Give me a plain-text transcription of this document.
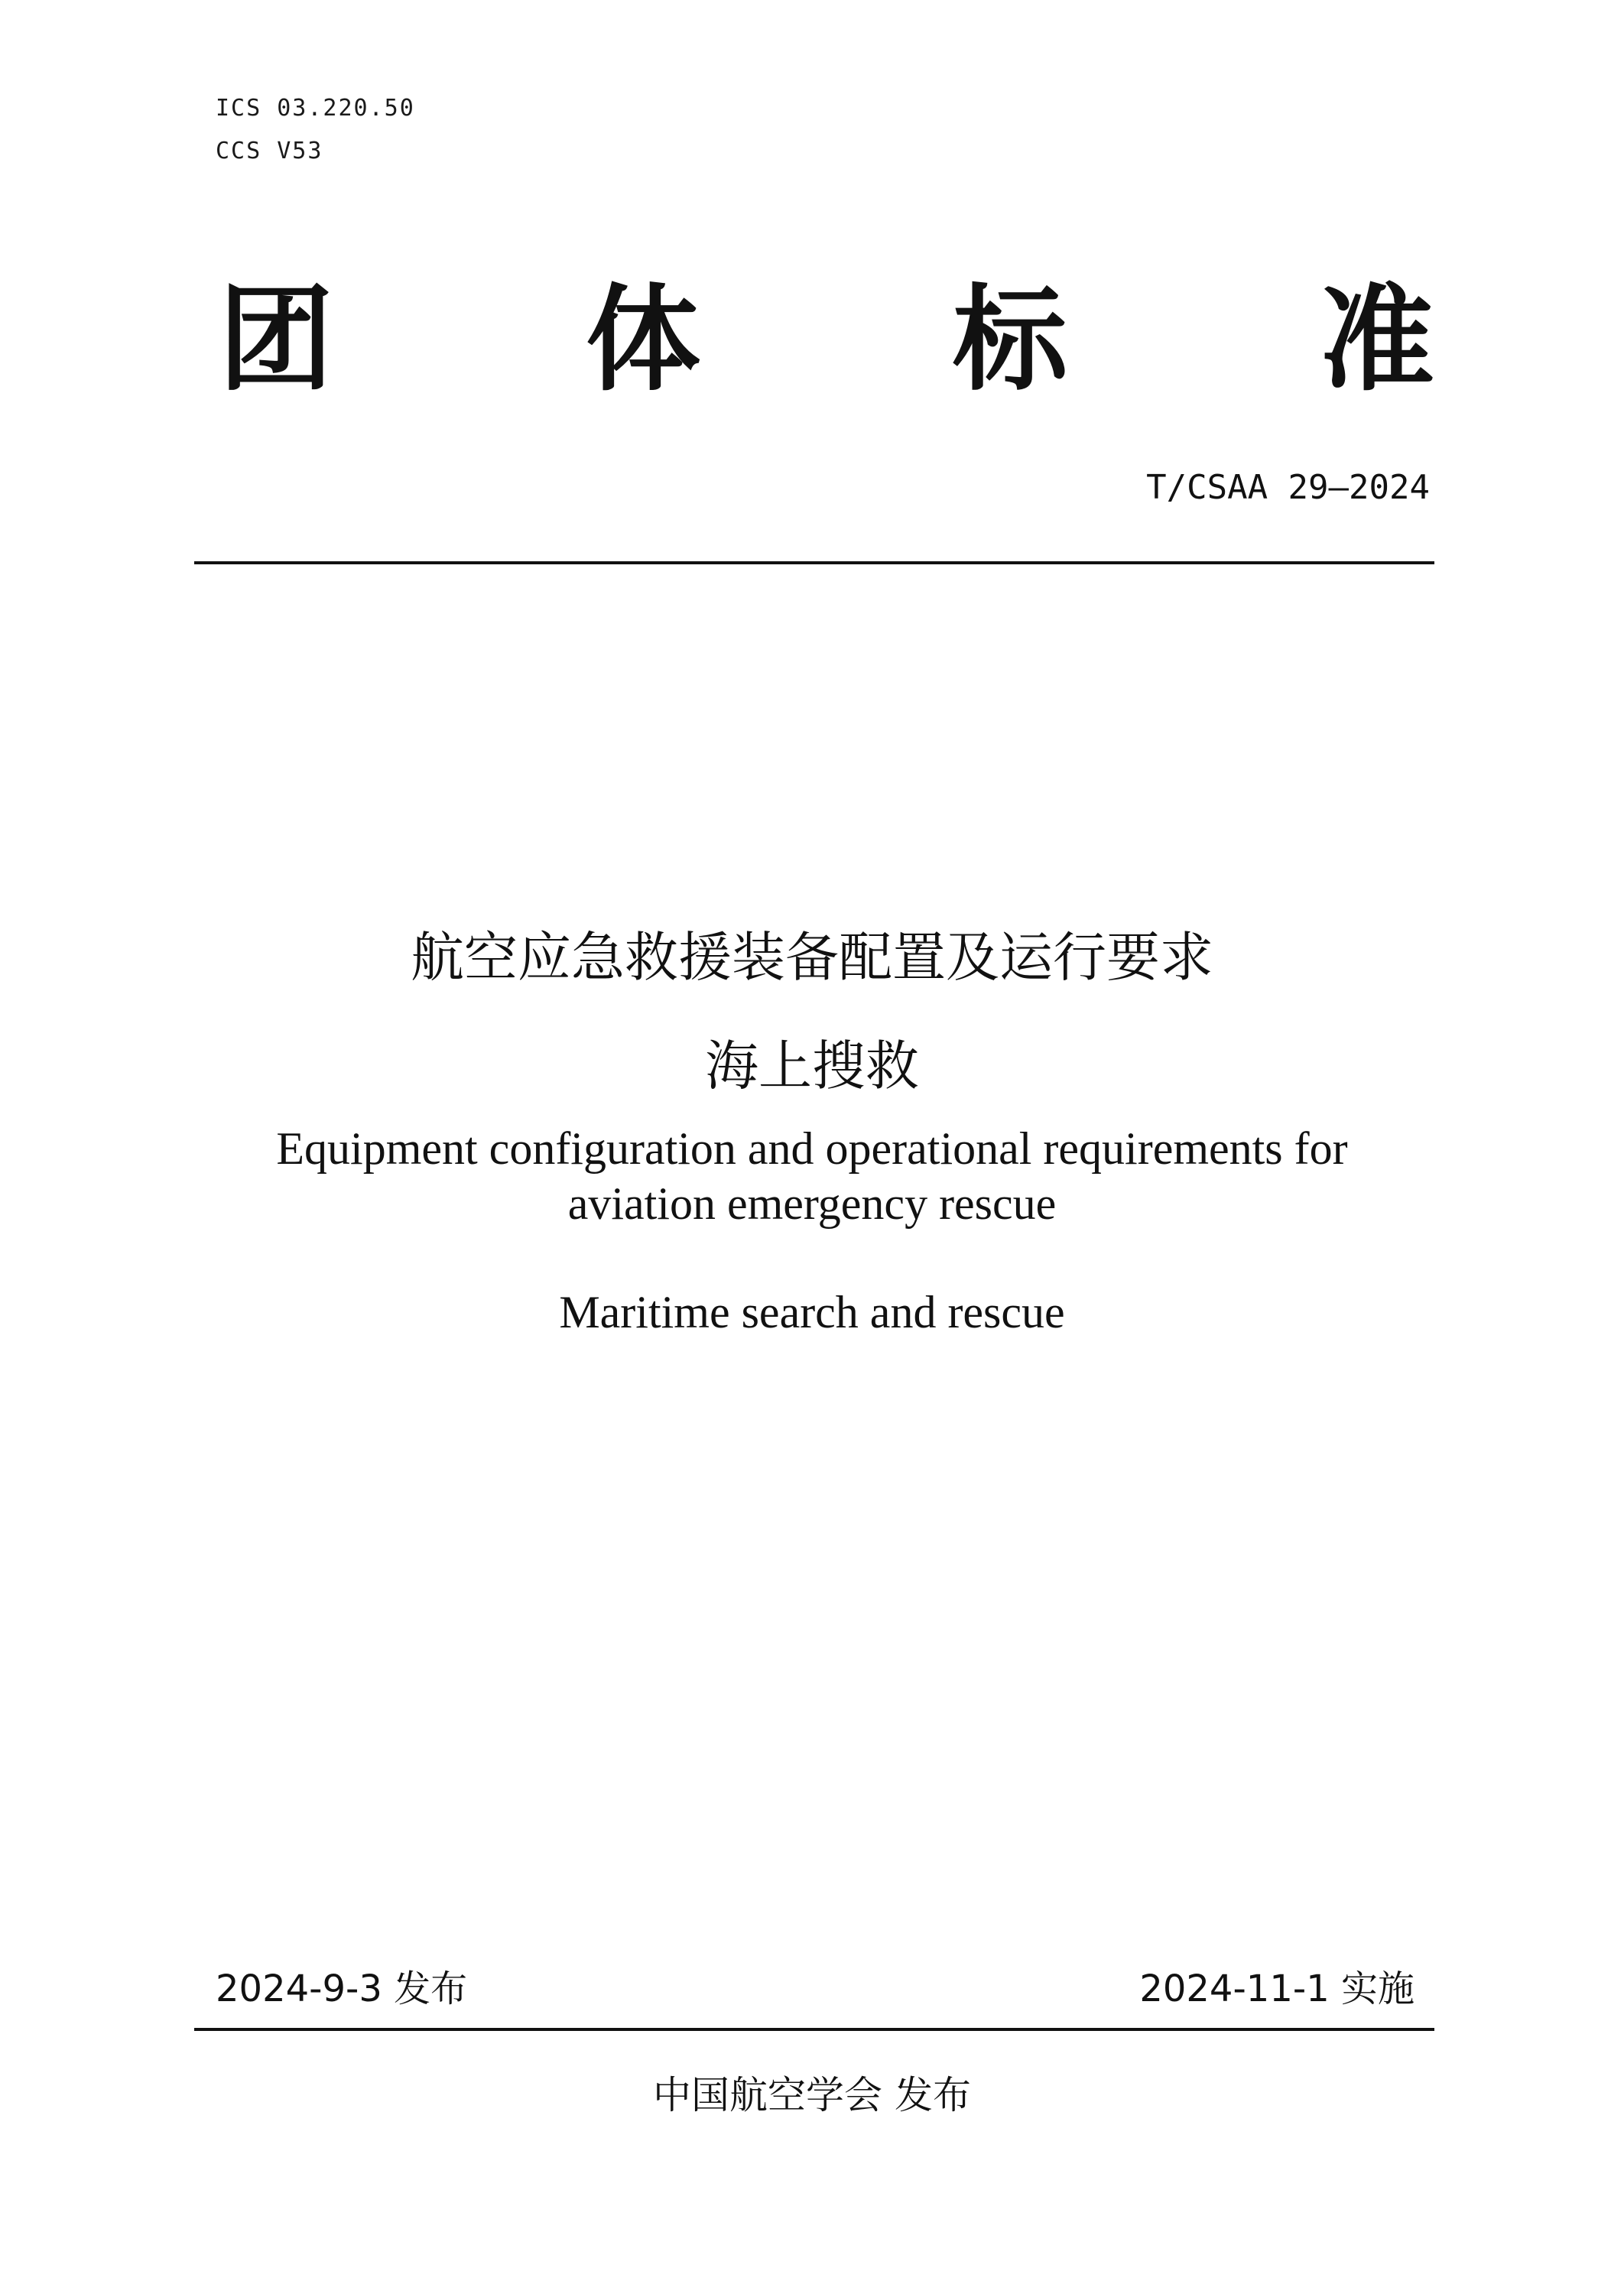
ICS 03.220.50
CCS V53
团 体 标 准
T/CSAA 29—2024
航空应急救援装备配置及运行要求
海上搜救
Equipment configuration and operational requirements for
aviation emergency rescue
Maritime search and rescue
2024-9-3 发布	2024-11-1 实施
中国航空学会 发布
